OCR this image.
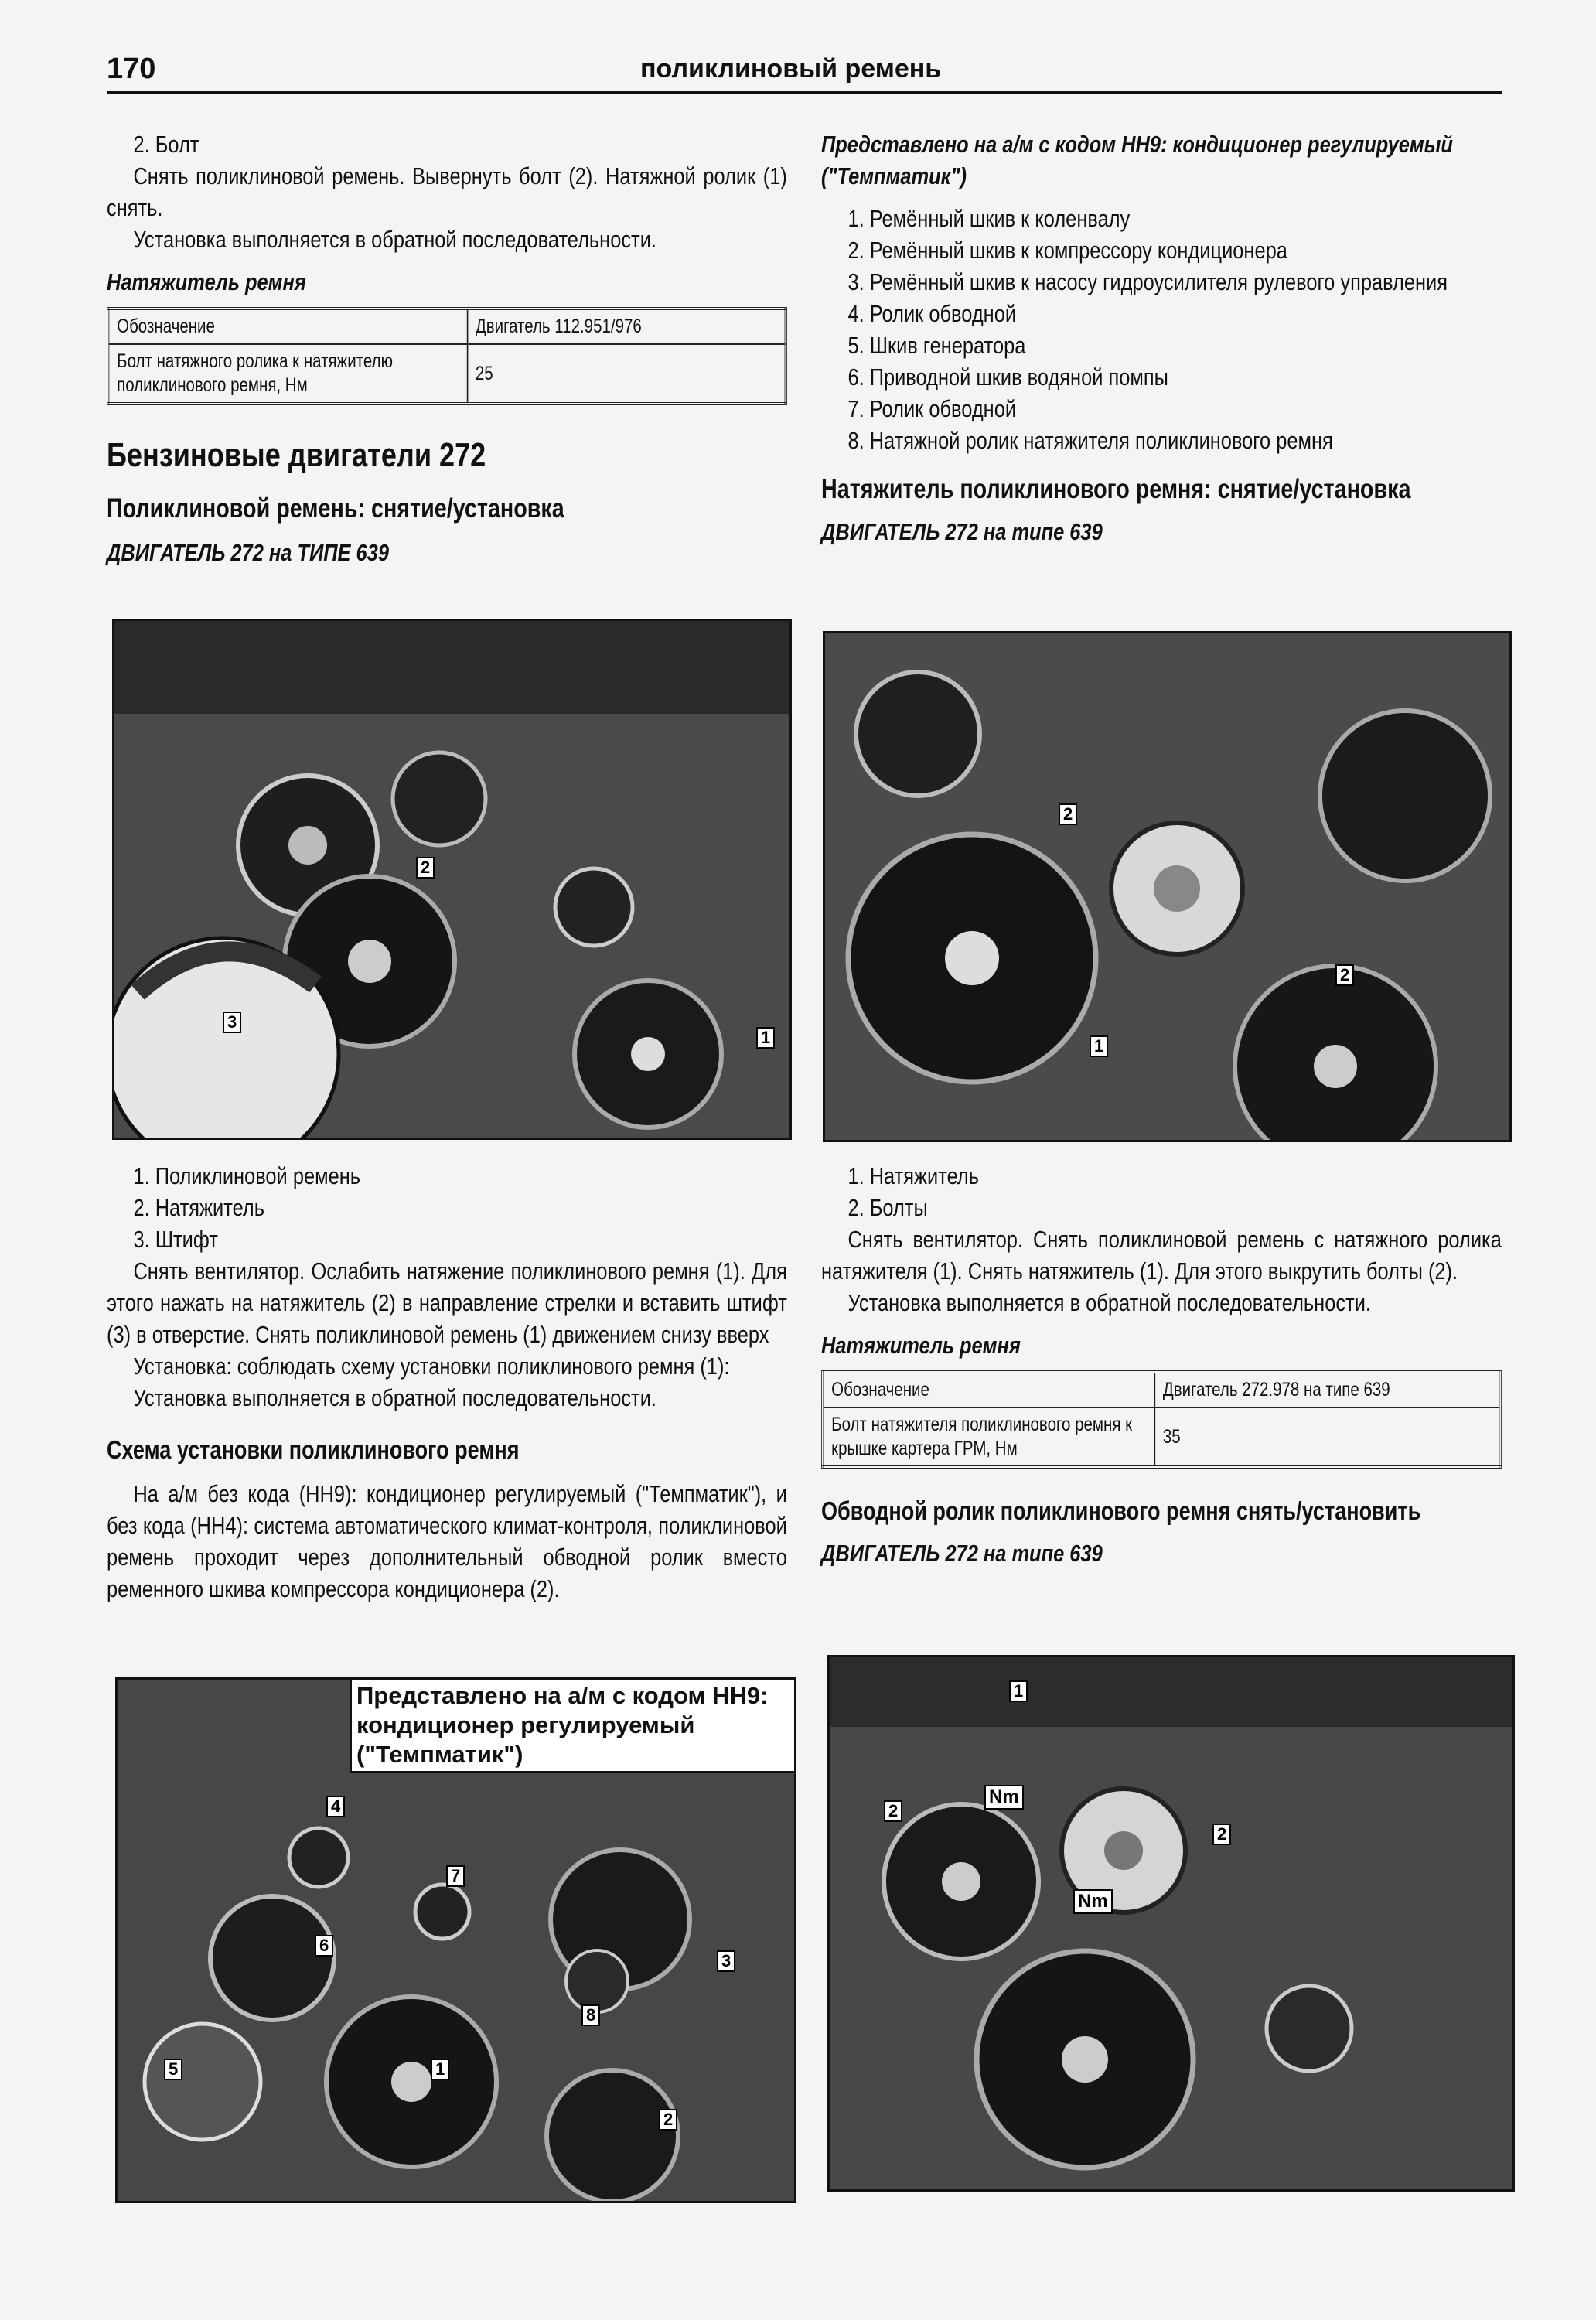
170	поликлиновый ремень

2. Болт

Снять поликлиновой ремень. Вывернуть болт (2). Натяжной ролик (1) снять.

Установка выполняется в обратной последовательности.

Натяжитель ремня

Обозначение	Двигатель 112.951/976
Болт натяжного ролика к натяжителю поликлинового ремня, Нм	25

Бензиновые двигатели 272

Поликлиновой ремень: снятие/установка

ДВИГАТЕЛЬ 272 на ТИПЕ 639

2
3
1

1. Поликлиновой ремень

2. Натяжитель

3. Штифт

Снять вентилятор. Ослабить натяжение поликлинового ремня (1). Для этого нажать на натяжитель (2) в направление стрелки и вставить штифт (3) в отверстие. Снять поликлиновой ремень (1) движением снизу вверх

Установка: соблюдать схему установки поликлинового ремня (1):

Установка выполняется в обратной последовательности.

Схема установки поликлинового ремня

На а/м без кода (НН9): кондиционер регулируемый ("Темпматик"), и без кода (НН4): система автоматического климат-контроля, поликлиновой ремень проходит через дополнительный обводной ролик вместо ременного шкива компрессора кондиционера (2).

Представлено на а/м с кодом НН9: кондиционер регулируемый ("Темпматик")
4
7
6
3
8
5	1
2

Представлено на а/м с кодом НН9: кондиционер регулируемый ("Темпматик")

1. Ремённый шкив к коленвалу

2. Ремённый шкив к компрессору кондиционера

3. Ремённый шкив к насосу гидроусилителя рулевого управления

4. Ролик обводной

5. Шкив генератора

6. Приводной шкив водяной помпы

7. Ролик обводной

8. Натяжной ролик натяжителя поликлинового ремня

Натяжитель поликлинового ремня: снятие/установка

ДВИГАТЕЛЬ 272 на типе 639

2
2
1

1. Натяжитель

2. Болты

Снять вентилятор. Снять поликлиновой ремень с натяжного ролика натяжителя (1). Снять натяжитель (1). Для этого выкрутить болты (2).

Установка выполняется в обратной последовательности.

Натяжитель ремня

Обозначение	Двигатель 272.978 на типе 639
Болт натяжителя поликлинового ремня к крышке картера ГРМ, Нм	35

Обводной ролик поликлинового ремня снять/установить

ДВИГАТЕЛЬ 272 на типе 639

1
2
Nm
2
Nm
